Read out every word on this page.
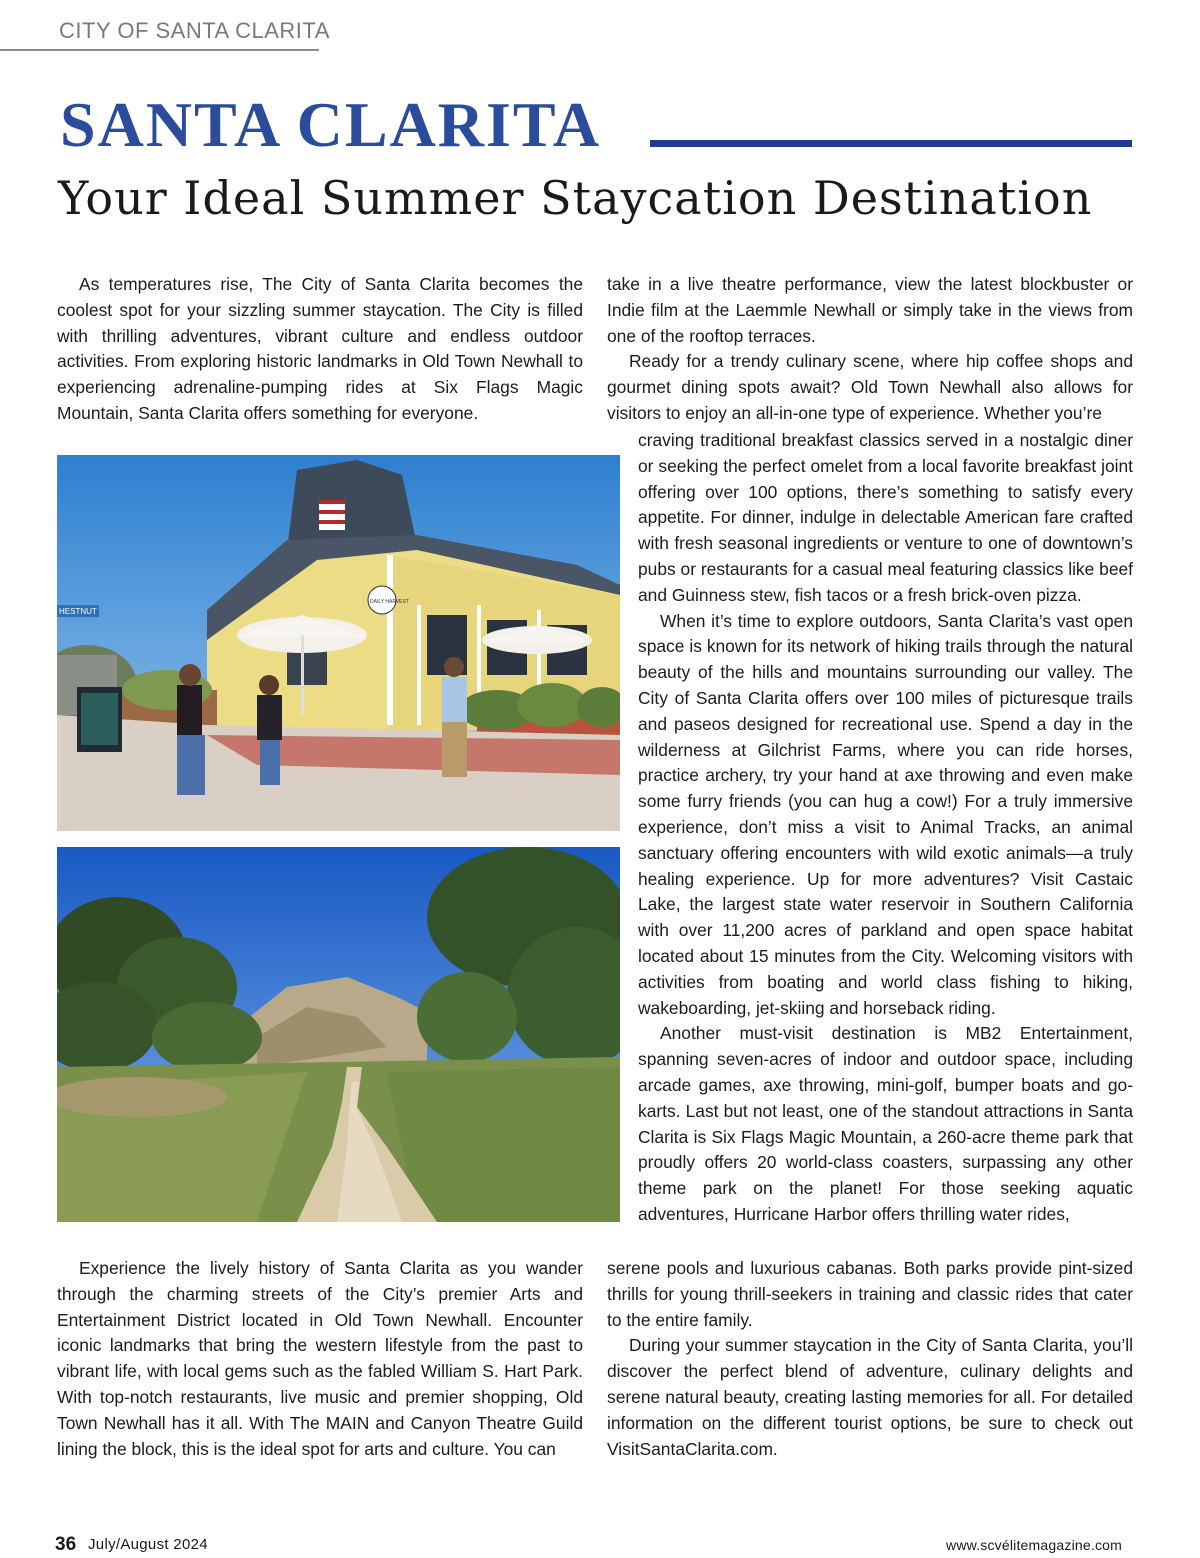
CITY OF SANTA CLARITA

SANTA CLARITA
Your Ideal Summer Staycation Destination

As temperatures rise, The City of Santa Clarita becomes the coolest spot for your sizzling summer staycation. The City is filled with thrilling adventures, vibrant culture and endless outdoor activities. From exploring historic landmarks in Old Town Newhall to experiencing adrenaline-pumping rides at Six Flags Magic Mountain, Santa Clarita offers something for everyone.

HESTNUT
DAILY HARVEST

Experience the lively history of Santa Clarita as you wander through the charming streets of the City’s premier Arts and Entertainment District located in Old Town Newhall. Encounter iconic landmarks that bring the western lifestyle from the past to vibrant life, with local gems such as the fabled William S. Hart Park. With top-notch restaurants, live music and premier shopping, Old Town Newhall has it all. With The MAIN and Canyon Theatre Guild lining the block, this is the ideal spot for arts and culture. You can

take in a live theatre performance, view the latest blockbuster or Indie film at the Laemmle Newhall or simply take in the views from one of the rooftop terraces.

Ready for a trendy culinary scene, where hip coffee shops and gourmet dining spots await? Old Town Newhall also allows for visitors to enjoy an all-in-one type of experience. Whether you’re

craving traditional breakfast classics served in a nostalgic diner or seeking the perfect omelet from a local favorite breakfast joint offering over 100 options, there’s something to satisfy every appetite. For dinner, indulge in delectable American fare crafted with fresh seasonal ingredients or venture to one of downtown’s pubs or restaurants for a casual meal featuring classics like beef and Guinness stew, fish tacos or a fresh brick-oven pizza.

When it’s time to explore outdoors, Santa Clarita’s vast open space is known for its network of hiking trails through the natural beauty of the hills and mountains surrounding our valley. The City of Santa Clarita offers over 100 miles of picturesque trails and paseos designed for recreational use. Spend a day in the wilderness at Gilchrist Farms, where you can ride horses, practice archery, try your hand at axe throwing and even make some furry friends (you can hug a cow!) For a truly immersive experience, don’t miss a visit to Animal Tracks, an animal sanctuary offering encounters with wild exotic animals—a truly healing experience. Up for more adventures? Visit Castaic Lake, the largest state water reservoir in Southern California with over 11,200 acres of parkland and open space habitat located about 15 minutes from the City. Welcoming visitors with activities from boating and world class fishing to hiking, wakeboarding, jet-skiing and horseback riding.

Another must-visit destination is MB2 Entertainment, spanning seven-acres of indoor and outdoor space, including arcade games, axe throwing, mini-golf, bumper boats and go-karts. Last but not least, one of the standout attractions in Santa Clarita is Six Flags Magic Mountain, a 260-acre theme park that proudly offers 20 world-class coasters, surpassing any other theme park on the planet! For those seeking aquatic adventures, Hurricane Harbor offers thrilling water rides,

serene pools and luxurious cabanas. Both parks provide pint-sized thrills for young thrill-seekers in training and classic rides that cater to the entire family.

During your summer staycation in the City of Santa Clarita, you’ll discover the perfect blend of adventure, culinary delights and serene natural beauty, creating lasting memories for all. For detailed information on the different tourist options, be sure to check out VisitSantaClarita.com.

36 July/August 2024	www.scvélitemagazine.com
